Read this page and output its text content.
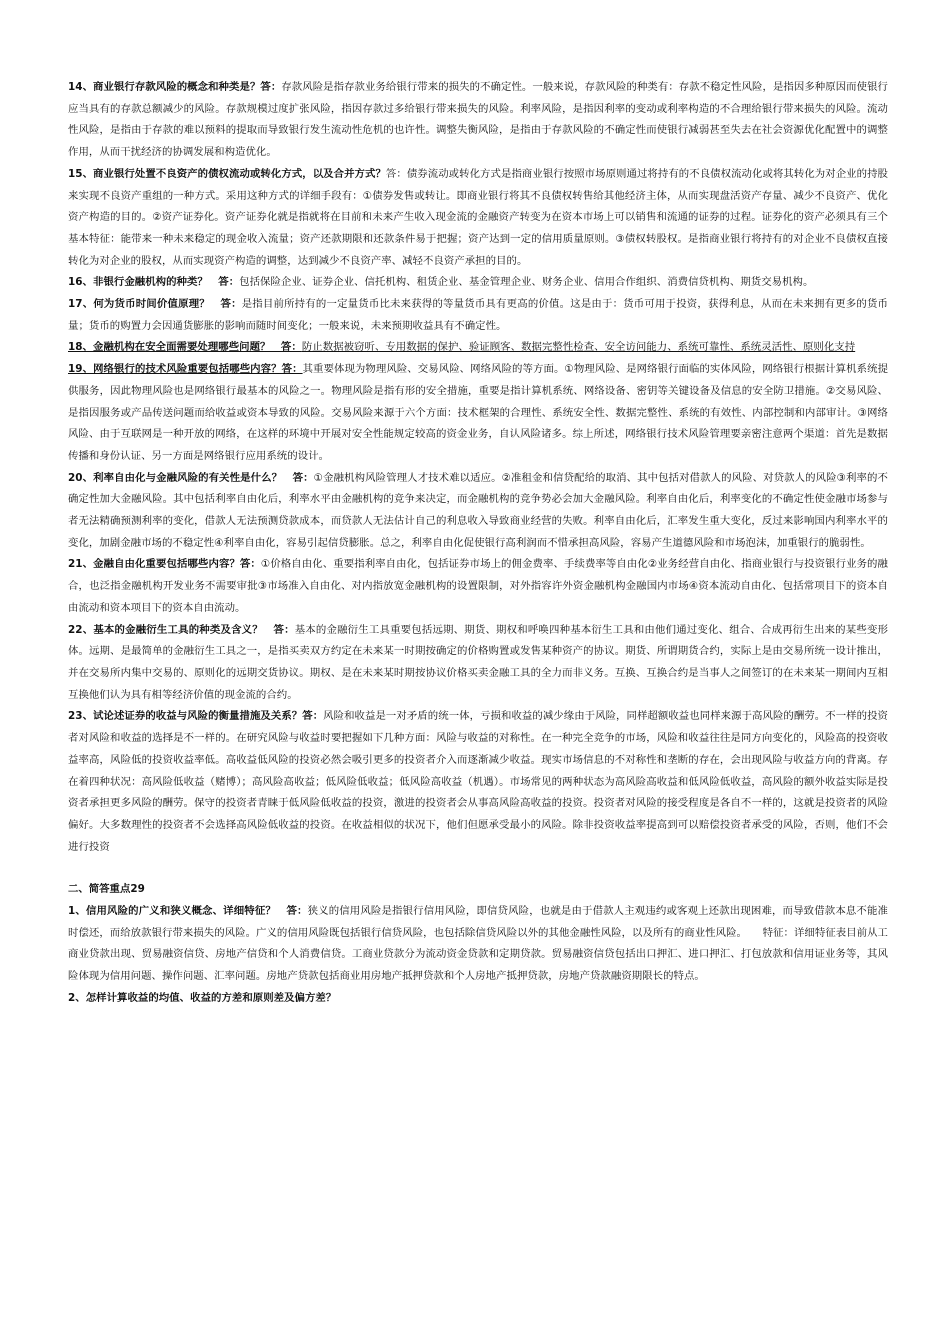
14、商业银行存款风险的概念和种类是？答：存款风险是指存款业务给银行带来的损失的不确定性。一般来说，存款风险的种类有：存款不稳定性风险，是指因多种原因而使银行应当具有的存款总额减少的风险。存款规模过度扩张风险，指因存款过多给银行带来损失的风险。利率风险，是指因利率的变动或利率构造的不合理给银行带来损失的风险。流动性风险，是指由于存款的难以预料的提取而导致银行发生流动性危机的也许性。调整失衡风险，是指由于存款风险的不确定性而使银行减弱甚至失去在社会资源优化配置中的调整作用，从而干扰经济的协调发展和构造优化。

15、商业银行处置不良资产的债权流动或转化方式，以及合并方式？答：债券流动或转化方式是指商业银行按照市场原则通过将持有的不良债权流动化或将其转化为对企业的持股来实现不良资产重组的一种方式。采用这种方式的详细手段有：①债券发售或转让。即商业银行将其不良债权转售给其他经济主体，从而实现盘活资产存量、减少不良资产、优化资产构造的目的。②资产证券化。资产证券化就是指就将在目前和未来产生收入现金流的金融资产转变为在资本市场上可以销售和流通的证券的过程。证券化的资产必须具有三个基本特征：能带来一种未来稳定的现金收入流量；资产还款期限和还款条件易于把握；资产达到一定的信用质量原则。③债权转股权。是指商业银行将持有的对企业不良债权直接转化为对企业的股权，从而实现资产构造的调整，达到减少不良资产率、减轻不良资产承担的目的。

16、非银行金融机构的种类？　答：包括保险企业、证券企业、信托机构、租赁企业、基金管理企业、财务企业、信用合作组织、消费信贷机构、期货交易机构。

17、何为货币时间价值原理？　答：是指目前所持有的一定量货币比未来获得的等量货币具有更高的价值。这是由于：货币可用于投资，获得利息，从而在未来拥有更多的货币量；货币的购置力会因通货膨胀的影响而随时间变化；一般来说，未来预期收益具有不确定性。

18、金融机构在安全面需要处理哪些问题？　答：防止数据被窃听、专用数据的保护、验证顾客、数据完整性检查、安全访问能力、系统可靠性、系统灵活性、原则化支持

19、网络银行的技术风险重要包括哪些内容？答：其重要体现为物理风险、交易风险、网络风险的等方面。①物理风险、是网络银行面临的实体风险，网络银行根据计算机系统提供服务，因此物理风险也是网络银行最基本的风险之一。物理风险是指有形的安全措施，重要是指计算机系统、网络设备、密钥等关键设备及信息的安全防卫措施。②交易风险、是指因服务或产品传送问题而给收益或资本导致的风险。交易风险来源于六个方面：技术框架的合理性、系统安全性、数据完整性、系统的有效性、内部控制和内部审计。③网络风险、由于互联网是一种开放的网络，在这样的环境中开展对安全性能规定较高的资金业务，自认风险诸多。综上所述，网络银行技术风险管理要亲密注意两个渠道：首先是数据传播和身份认证、另一方面是网络银行应用系统的设计。

20、利率自由化与金融风险的有关性是什么？　答：①金融机构风险管理人才技术难以适应。②准租金和信贷配给的取消、其中包括对借款人的风险、对贷款人的风险③利率的不确定性加大金融风险。其中包括利率自由化后，利率水平由金融机构的竞争来决定，而金融机构的竞争势必会加大金融风险。利率自由化后，利率变化的不确定性使金融市场参与者无法精确预测利率的变化，借款人无法预测贷款成本，而贷款人无法估计自己的利息收入导致商业经营的失败。利率自由化后，汇率发生重大变化，反过来影响国内利率水平的变化，加剧金融市场的不稳定性④利率自由化，容易引起信贷膨胀。总之，利率自由化促使银行高利润而不惜承担高风险，容易产生道德风险和市场泡沫，加重银行的脆弱性。

21、金融自由化重要包括哪些内容？答：①价格自由化、重要指利率自由化，包括证券市场上的佣金费率、手续费率等自由化②业务经营自由化、指商业银行与投资银行业务的融合，也泛指金融机构开发业务不需要审批③市场准入自由化、对内指放宽金融机构的设置限制，对外指容许外资金融机构金融国内市场④资本流动自由化、包括常项目下的资本自由流动和资本项目下的资本自由流动。

22、基本的金融衍生工具的种类及含义？　答：基本的金融衍生工具重要包括远期、期货、期权和呼唤四种基本衍生工具和由他们通过变化、组合、合成再衍生出来的某些变形体。远期、是最简单的金融衍生工具之一，是指买卖双方约定在未来某一时期按确定的价格购置或发售某种资产的协议。期货、所谓期货合约，实际上是由交易所统一设计推出，并在交易所内集中交易的、原则化的远期交货协议。期权、是在未来某时期按协议价格买卖金融工具的全力而非义务。互换、互换合约是当事人之间签订的在未来某一期间内互相互换他们认为具有相等经济价值的现金流的合约。

23、试论述证券的收益与风险的衡量措施及关系？答：风险和收益是一对矛盾的统一体，亏损和收益的减少缘由于风险，同样超额收益也同样来源于高风险的酬劳。不一样的投资者对风险和收益的选择是不一样的。在研究风险与收益时要把握如下几种方面：风险与收益的对称性。在一种完全竞争的市场，风险和收益往往是同方向变化的，风险高的投资收益率高，风险低的投资收益率低。高收益低风险的投资必然会吸引更多的投资者介入而逐渐减少收益。现实市场信息的不对称性和垄断的存在，会出现风险与收益方向的背离。存在着四种状况：高风险低收益（赌博）；高风险高收益；低风险低收益；低风险高收益（机遇）。市场常见的两种状态为高风险高收益和低风险低收益，高风险的额外收益实际是投资者承担更多风险的酬劳。保守的投资者青睐于低风险低收益的投资，激进的投资者会从事高风险高收益的投资。投资者对风险的接受程度是各自不一样的，这就是投资者的风险偏好。大多数理性的投资者不会选择高风险低收益的投资。在收益相似的状况下，他们但愿承受最小的风险。除非投资收益率提高到可以赔偿投资者承受的风险，否则，他们不会进行投资

二、简答重点29

1、信用风险的广义和狭义概念、详细特征？　答：狭义的信用风险是指银行信用风险，即信贷风险，也就是由于借款人主观违约或客观上还款出现困难，而导致借款本息不能准时偿还，而给放款银行带来损失的风险。广义的信用风险既包括银行信贷风险，也包括除信贷风险以外的其他金融性风险，以及所有的商业性风险。　　特征：详细特征表目前从工商业贷款出现、贸易融资信贷、房地产信贷和个人消费信贷。工商业贷款分为流动资金贷款和定期贷款。贸易融资信贷包括出口押汇、进口押汇、打包放款和信用证业务等，其风险体现为信用问题、操作问题、汇率问题。房地产贷款包括商业用房地产抵押贷款和个人房地产抵押贷款，房地产贷款融资期限长的特点。

2、怎样计算收益的均值、收益的方差和原则差及偏方差？
